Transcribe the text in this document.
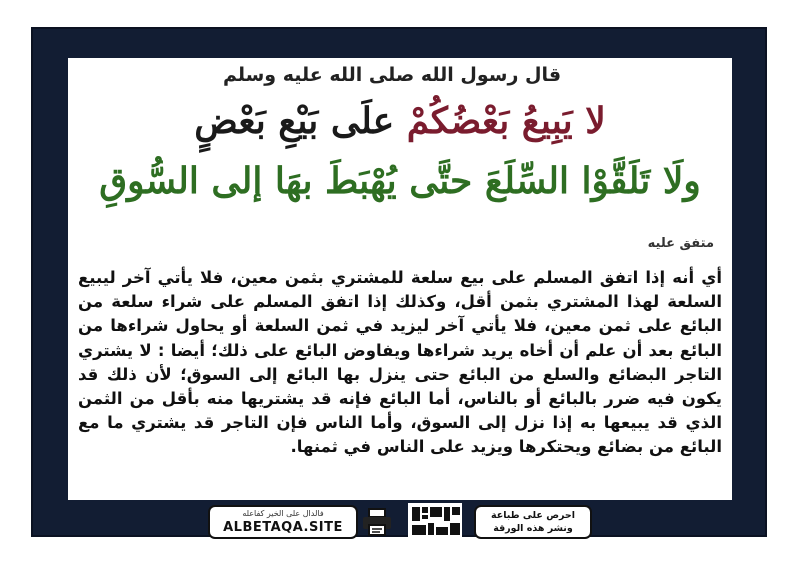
قال رسول الله صلى الله عليه وسلم
لا يَبِيعُ بَعْضُكُمْ علَى بَيْعِ بَعْضٍ
ولَا تَلَقَّوْا السِّلَعَ حتَّى يُهْبَطَ بهَا إلى السُّوقِ
متفق عليه
أي أنه إذا اتفق المسلم على بيع سلعة للمشتري بثمن معين، فلا يأتي آخر ليبيع السلعة لهذا المشتري بثمن أقل، وكذلك إذا اتفق المسلم على شراء سلعة من البائع على ثمن معين، فلا يأتي آخر ليزيد في ثمن السلعة أو يحاول شراءها من البائع بعد أن علم أن أخاه يريد شراءها ويفاوض البائع على ذلك؛ أيضا : لا يشتري التاجر البضائع والسلع من البائع حتى ينزل بها البائع إلى السوق؛ لأن ذلك قد يكون فيه ضرر بالبائع أو بالناس، أما البائع فإنه قد يشتريها منه بأقل من الثمن الذي قد يبيعها به إذا نزل إلى السوق، وأما الناس فإن التاجر قد يشتري ما مع البائع من بضائع ويحتكرها ويزيد على الناس في ثمنها.
فالدال على الخير كفاعله
ALBETAQA.SITE
احرص على طباعة
ونشر هذه الورقة
